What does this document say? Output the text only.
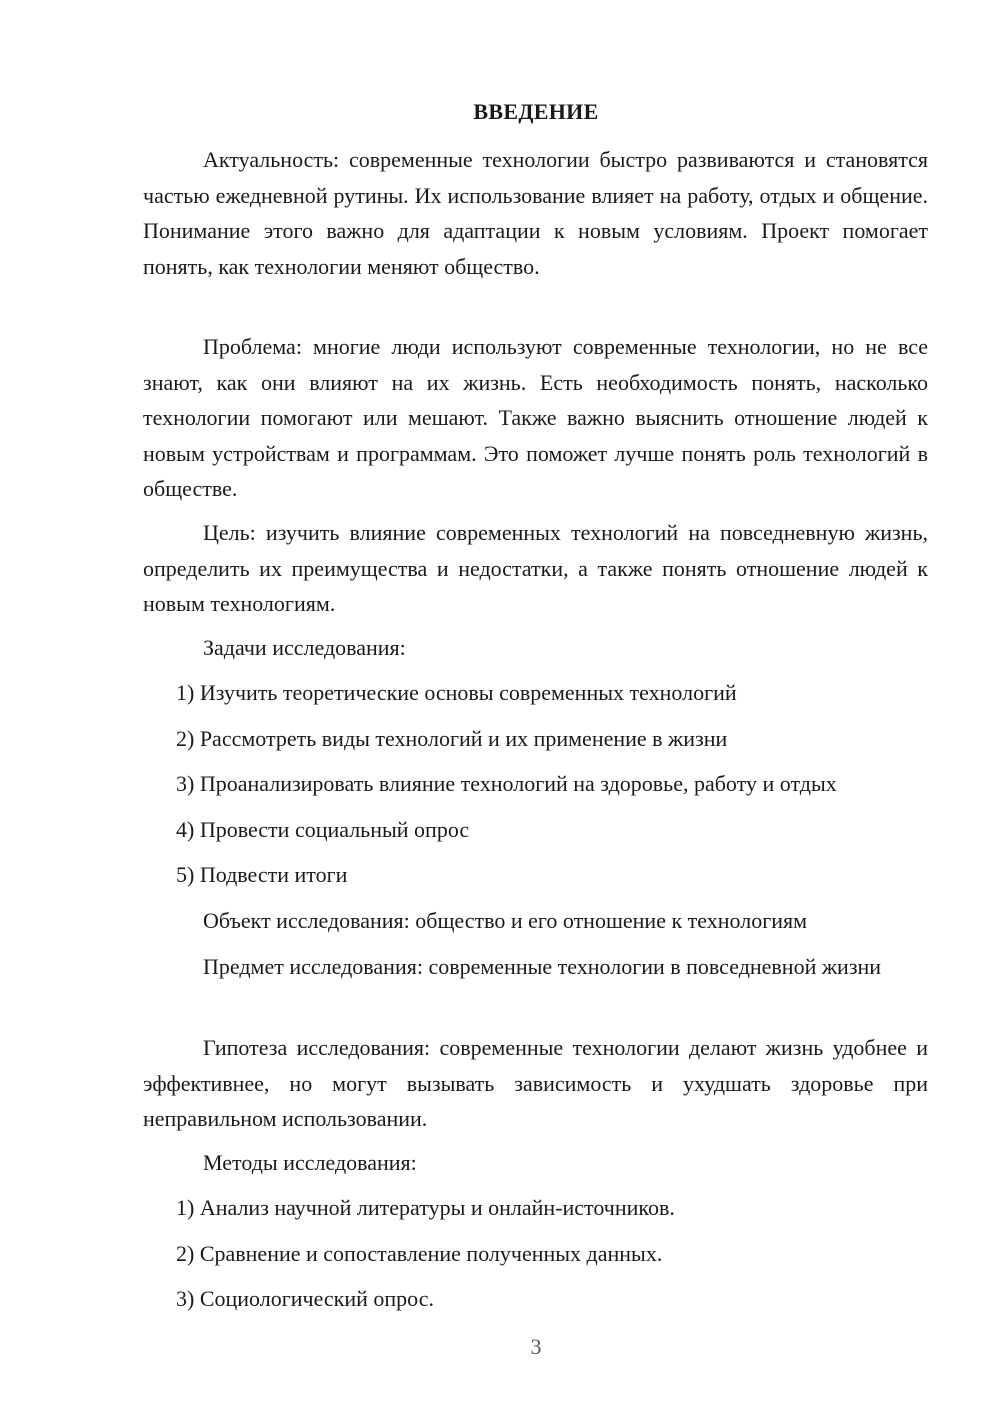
ВВЕДЕНИЕ

Актуальность: современные технологии быстро развиваются и становятся частью ежедневной рутины. Их использование влияет на работу, отдых и общение. Понимание этого важно для адаптации к новым условиям. Проект помогает понять, как технологии меняют общество.

Проблема: многие люди используют современные технологии, но не все знают, как они влияют на их жизнь. Есть необходимость понять, насколько технологии помогают или мешают. Также важно выяснить отношение людей к новым устройствам и программам. Это поможет лучше понять роль технологий в обществе.

Цель: изучить влияние современных технологий на повседневную жизнь, определить их преимущества и недостатки, а также понять отношение людей к новым технологиям.

Задачи исследования:

1) Изучить теоретические основы современных технологий

2) Рассмотреть виды технологий и их применение в жизни

3) Проанализировать влияние технологий на здоровье, работу и отдых

4) Провести социальный опрос

5) Подвести итоги

Объект исследования: общество и его отношение к технологиям

Предмет исследования: современные технологии в повседневной жизни

Гипотеза исследования: современные технологии делают жизнь удобнее и эффективнее, но могут вызывать зависимость и ухудшать здоровье при неправильном использовании.

Методы исследования:

1) Анализ научной литературы и онлайн-источников.

2) Сравнение и сопоставление полученных данных.

3) Социологический опрос.

3
